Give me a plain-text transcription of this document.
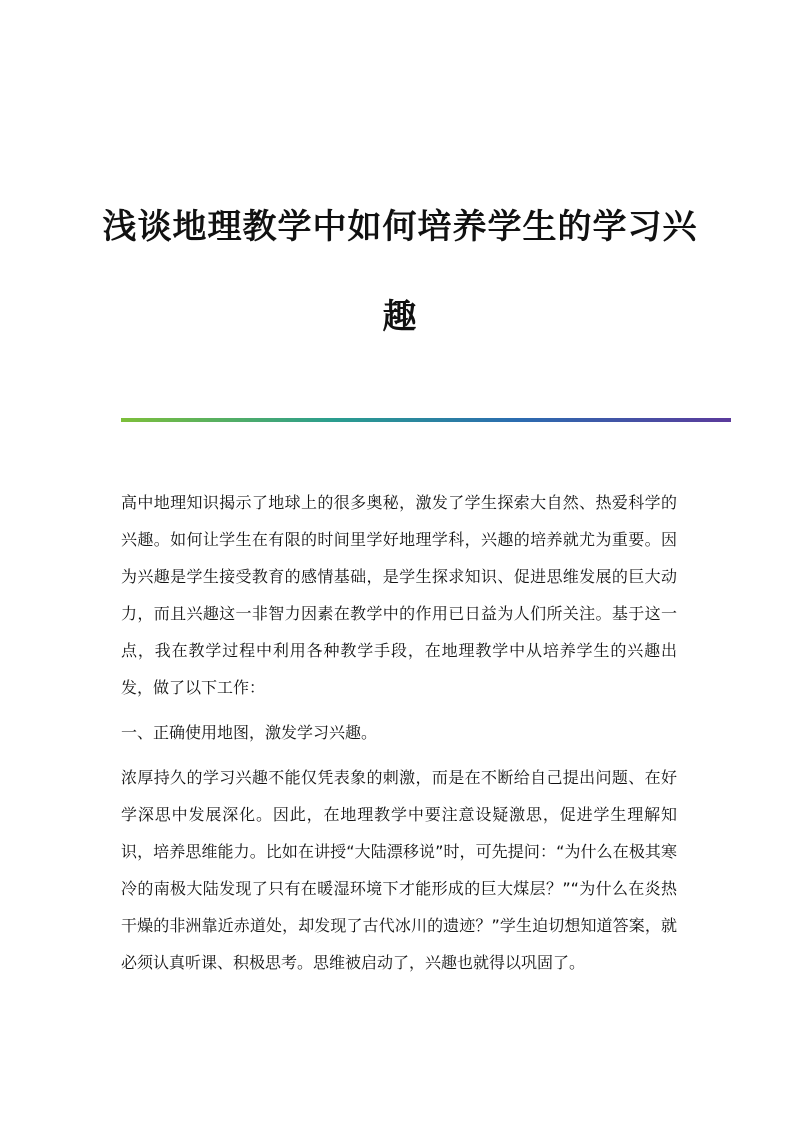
浅谈地理教学中如何培养学生的学习兴趣

高中地理知识揭示了地球上的很多奥秘，激发了学生探索大自然、热爱科学的兴趣。如何让学生在有限的时间里学好地理学科，兴趣的培养就尤为重要。因为兴趣是学生接受教育的感情基础，是学生探求知识、促进思维发展的巨大动力，而且兴趣这一非智力因素在教学中的作用已日益为人们所关注。基于这一点，我在教学过程中利用各种教学手段，在地理教学中从培养学生的兴趣出发，做了以下工作：

一、正确使用地图，激发学习兴趣。

浓厚持久的学习兴趣不能仅凭表象的刺激，而是在不断给自己提出问题、在好学深思中发展深化。因此，在地理教学中要注意设疑激思，促进学生理解知识，培养思维能力。比如在讲授“大陆漂移说”时，可先提问：“为什么在极其寒冷的南极大陆发现了只有在暖湿环境下才能形成的巨大煤层？”“为什么在炎热干燥的非洲靠近赤道处，却发现了古代冰川的遗迹？”学生迫切想知道答案，就必须认真听课、积极思考。思维被启动了，兴趣也就得以巩固了。
